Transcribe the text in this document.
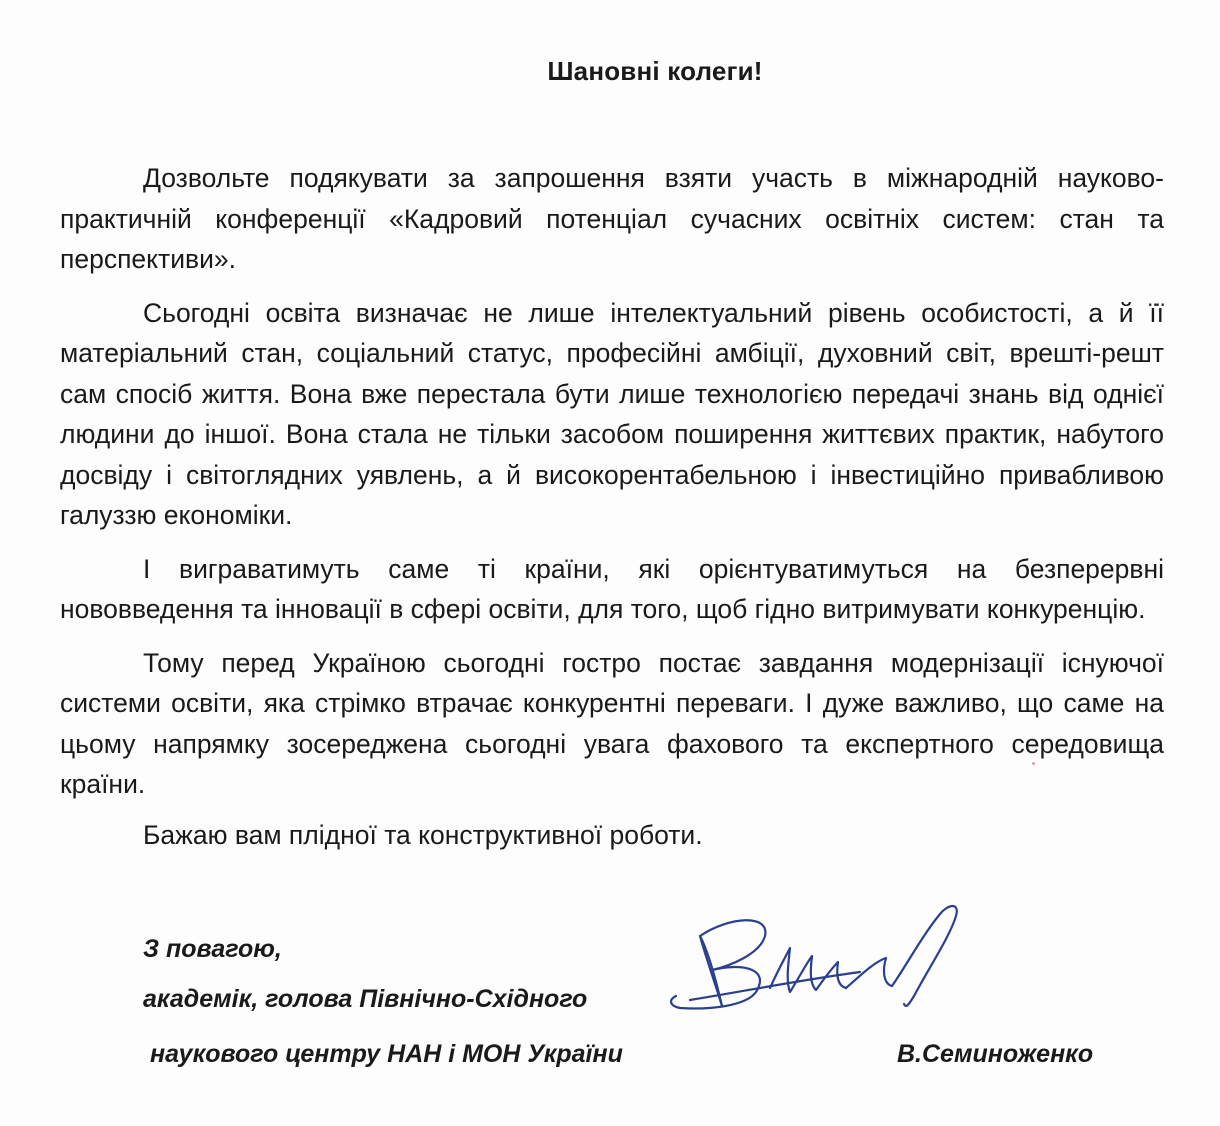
Шановні колеги!

Дозвольте подякувати за запрошення взяти участь в міжнародній науково-практичній конференції «Кадровий потенціал сучасних освітніх систем: стан та перспективи».

Сьогодні освіта визначає не лише інтелектуальний рівень особистості, а й її матеріальний стан, соціальний статус, професійні амбіції, духовний світ, врешті-решт сам спосіб життя. Вона вже перестала бути лише технологією передачі знань від однієї людини до іншої. Вона стала не тільки засобом поширення життєвих практик, набутого досвіду і світоглядних уявлень, а й високорентабельною і інвестиційно привабливою галуззю економіки.

І виграватимуть саме ті країни, які орієнтуватимуться на безперервні нововведення та інновації в сфері освіти, для того, щоб гідно витримувати конкуренцію.

Тому перед Україною сьогодні гостро постає завдання модернізації існуючої системи освіти, яка стрімко втрачає конкурентні переваги. І дуже важливо, що саме на цьому напрямку зосереджена сьогодні увага фахового та експертного середовища країни.

Бажаю вам плідної та конструктивної роботи.
З повагою,
академік, голова Північно-Східного
наукового центру НАН і МОН України	В.Семиноженко
